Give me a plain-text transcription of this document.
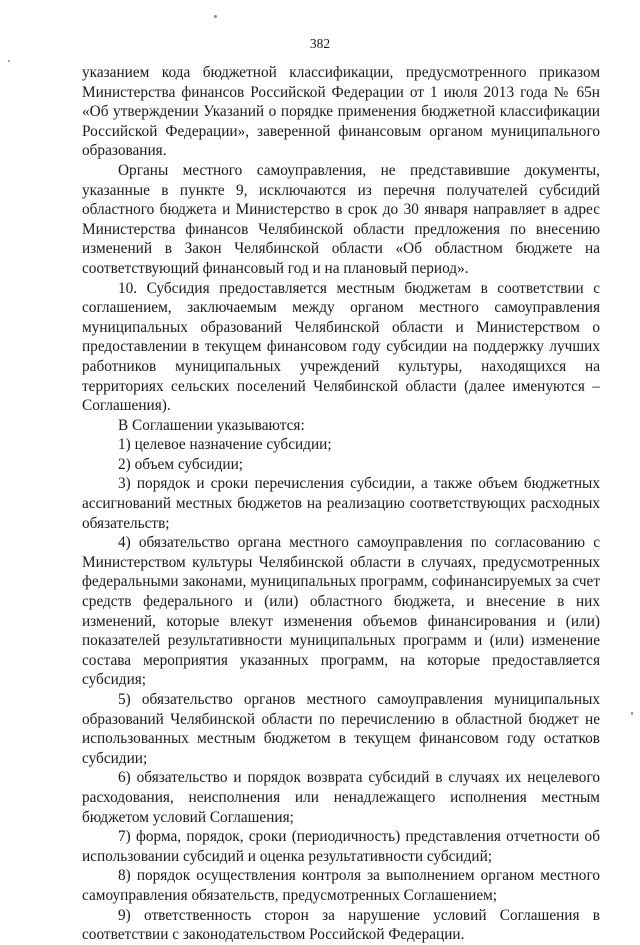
382

указанием кода бюджетной классификации, предусмотренного приказом Министерства финансов Российской Федерации от 1 июля 2013 года № 65н «Об утверждении Указаний о порядке применения бюджетной классификации Российской Федерации», заверенной финансовым органом муниципального образования.

Органы местного самоуправления, не представившие документы, указанные в пункте 9, исключаются из перечня получателей субсидий областного бюджета и Министерство в срок до 30 января направляет в адрес Министерства финансов Челябинской области предложения по внесению изменений в Закон Челябинской области «Об областном бюджете на соответствующий финансовый год и на плановый период».

10. Субсидия предоставляется местным бюджетам в соответствии с соглашением, заключаемым между органом местного самоуправления муниципальных образований Челябинской области и Министерством о предоставлении в текущем финансовом году субсидии на поддержку лучших работников муниципальных учреждений культуры, находящихся на территориях сельских поселений Челябинской области (далее именуются – Соглашения).

В Соглашении указываются:

1) целевое назначение субсидии;

2) объем субсидии;

3) порядок и сроки перечисления субсидии, а также объем бюджетных ассигнований местных бюджетов на реализацию соответствующих расходных обязательств;

4) обязательство органа местного самоуправления по согласованию с Министерством культуры Челябинской области в случаях, предусмотренных федеральными законами, муниципальных программ, софинансируемых за счет средств федерального и (или) областного бюджета, и внесение в них изменений, которые влекут изменения объемов финансирования и (или) показателей результативности муниципальных программ и (или) изменение состава мероприятия указанных программ, на которые предоставляется субсидия;

5) обязательство органов местного самоуправления муниципальных образований Челябинской области по перечислению в областной бюджет не использованных местным бюджетом в текущем финансовом году остатков субсидии;

6) обязательство и порядок возврата субсидий в случаях их нецелевого расходования, неисполнения или ненадлежащего исполнения местным бюджетом условий Соглашения;

7) форма, порядок, сроки (периодичность) представления отчетности об использовании субсидий и оценка результативности субсидий;

8) порядок осуществления контроля за выполнением органом местного самоуправления обязательств, предусмотренных Соглашением;

9) ответственность сторон за нарушение условий Соглашения в соответствии с законодательством Российской Федерации.
